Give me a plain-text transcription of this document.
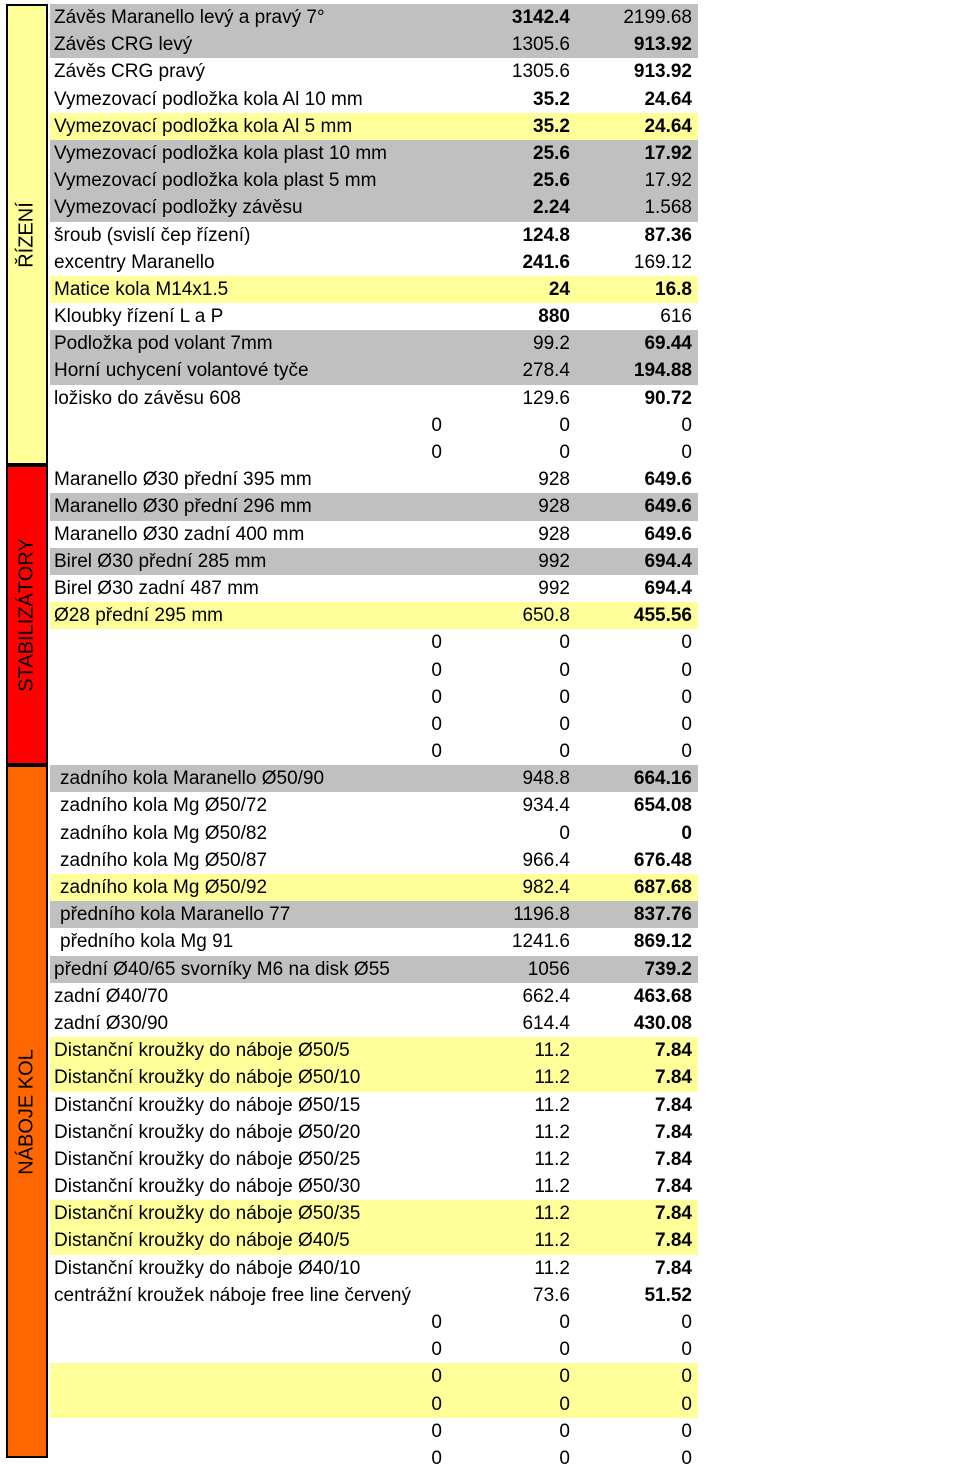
ŘÍZENÍ
STABILIZÁTORY
NÁBOJE KOL
Závěs Maranello levý a pravý 7°	3142.4	2199.68
Závěs CRG levý	1305.6	913.92
Závěs CRG pravý	1305.6	913.92
Vymezovací podložka kola Al 10 mm	35.2	24.64
Vymezovací podložka kola Al 5 mm	35.2	24.64
Vymezovací podložka kola plast 10 mm	25.6	17.92
Vymezovací podložka kola plast 5 mm	25.6	17.92
Vymezovací podložky závěsu	2.24	1.568
šroub (svislí čep řízení)	124.8	87.36
excentry Maranello	241.6	169.12
Matice kola M14x1.5	24	16.8
Kloubky řízení L a P	880	616
Podložka pod volant 7mm	99.2	69.44
Horní uchycení volantové tyče	278.4	194.88
ložisko do závěsu 608	129.6	90.72
0	0	0
0	0	0
Maranello Ø30 přední 395 mm	928	649.6
Maranello Ø30 přední 296 mm	928	649.6
Maranello Ø30 zadní 400 mm	928	649.6
Birel Ø30 přední 285 mm	992	694.4
Birel Ø30 zadní 487 mm	992	694.4
Ø28 přední 295 mm	650.8	455.56
0	0	0
0	0	0
0	0	0
0	0	0
0	0	0
zadního kola Maranello Ø50/90	948.8	664.16
zadního kola Mg Ø50/72	934.4	654.08
zadního kola Mg Ø50/82	0	0
zadního kola Mg Ø50/87	966.4	676.48
zadního kola Mg Ø50/92	982.4	687.68
předního kola Maranello 77	1196.8	837.76
předního kola Mg 91	1241.6	869.12
přední Ø40/65 svorníky M6 na disk Ø55	1056	739.2
zadní Ø40/70	662.4	463.68
zadní Ø30/90	614.4	430.08
Distanční kroužky do náboje Ø50/5	11.2	7.84
Distanční kroužky do náboje Ø50/10	11.2	7.84
Distanční kroužky do náboje Ø50/15	11.2	7.84
Distanční kroužky do náboje Ø50/20	11.2	7.84
Distanční kroužky do náboje Ø50/25	11.2	7.84
Distanční kroužky do náboje Ø50/30	11.2	7.84
Distanční kroužky do náboje Ø50/35	11.2	7.84
Distanční kroužky do náboje Ø40/5	11.2	7.84
Distanční kroužky do náboje Ø40/10	11.2	7.84
centrážní kroužek náboje free line červený	73.6	51.52
0	0	0
0	0	0
0	0	0
0	0	0
0	0	0
0	0	0
